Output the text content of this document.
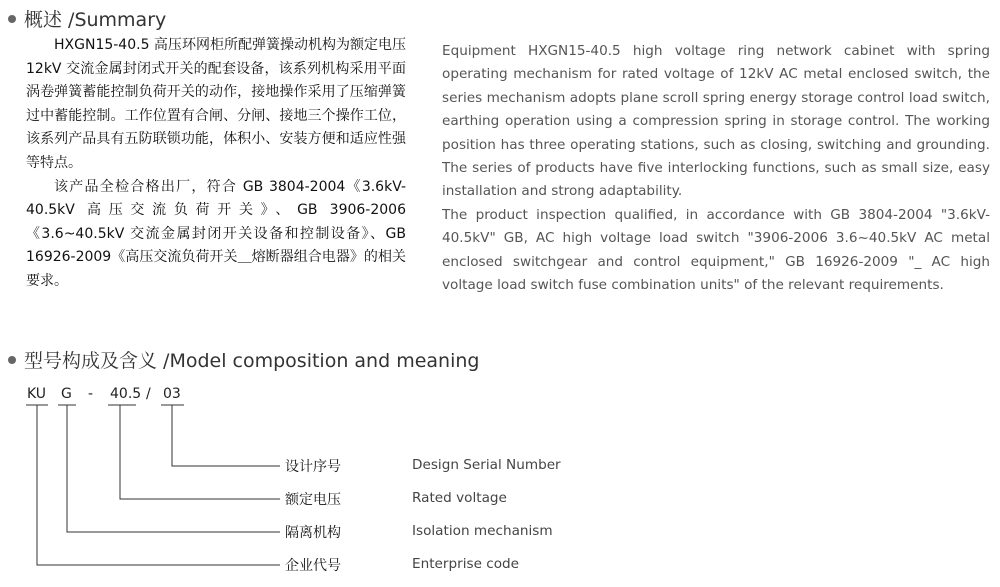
概述 /Summary

HXGN15-40.5 高压环网柜所配弹簧操动机构为额定电压 12kV 交流金属封闭式开关的配套设备，该系列机构采用平面涡卷弹簧蓄能控制负荷开关的动作，接地操作采用了压缩弹簧过中蓄能控制。工作位置有合闸、分闸、接地三个操作工位，该系列产品具有五防联锁功能，体积小、安装方便和适应性强等特点。

该产品全检合格出厂，符合 GB 3804-2004《3.6kV-40.5kV 高压交流负荷开关》、GB 3906-2006《3.6~40.5kV 交流金属封闭开关设备和控制设备》、GB 16926-2009《高压交流负荷开关＿熔断器组合电器》的相关要求。

Equipment HXGN15-40.5 high voltage ring network cabinet with spring operating mechanism for rated voltage of 12kV AC metal enclosed switch, the series mechanism adopts plane scroll spring energy storage control load switch, earthing operation using a compression spring in storage control. The working position has three operating stations, such as closing, switching and grounding. The series of products have five interlocking functions, such as small size, easy installation and strong adaptability.

The product inspection qualified, in accordance with GB 3804-2004 "3.6kV-40.5kV" GB, AC high voltage load switch "3906-2006 3.6~40.5kV AC metal enclosed switchgear and control equipment," GB 16926-2009 "_ AC high voltage load switch fuse combination units" of the relevant requirements.

型号构成及含义 /Model composition and meaning
KU G - 40.5 / 03
设计序号	Design Serial Number
额定电压	Rated voltage
隔离机构	Isolation mechanism
企业代号	Enterprise code
